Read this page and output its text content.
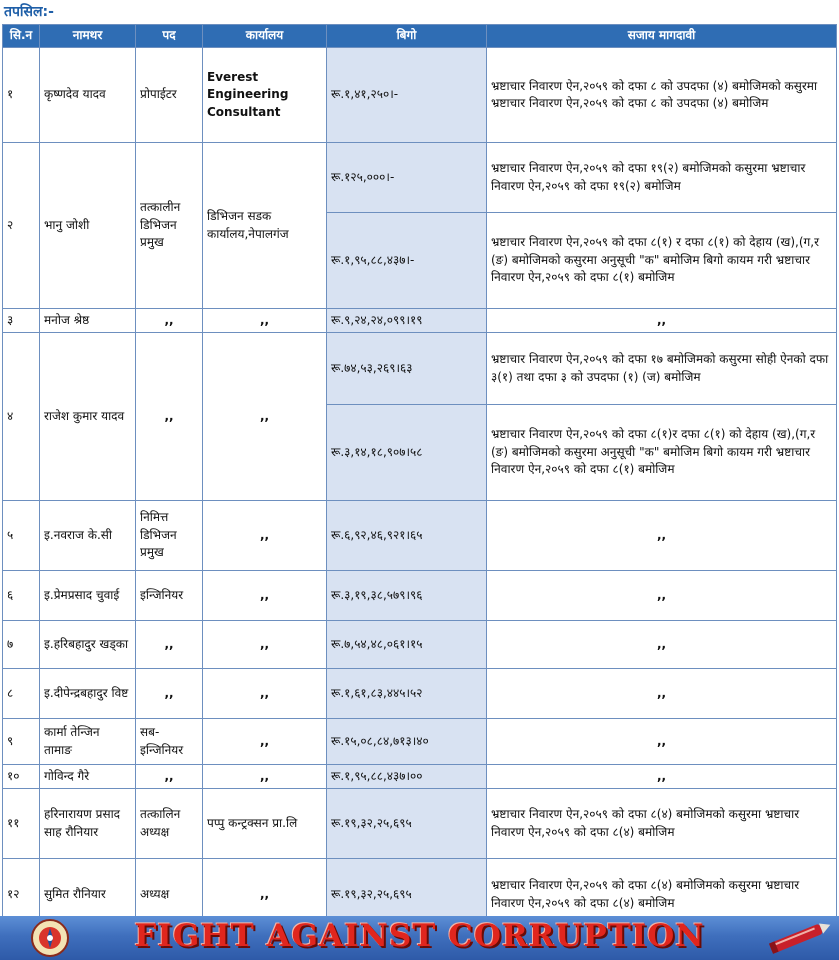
तपसिल:-
सि.न	नामथर	पद	कार्यालय	बिगो	सजाय मागदावी
१	कृष्णदेव यादव	प्रोपाईटर	Everest Engineering Consultant	रू.१,४१,२५०।-	भ्रष्टाचार निवारण ऐन,२०५९ को दफा ८ को उपदफा (४) बमोजिमको कसुरमा भ्रष्टाचार निवारण ऐन,२०५९ को दफा ८ को उपदफा (४) बमोजिम
२	भानु जोशी	तत्कालीन डिभिजन प्रमुख	डिभिजन सडक कार्यालय,नेपालगंज	रू.१२५,०००।-	भ्रष्टाचार निवारण ऐन,२०५९ को दफा १९(२) बमोजिमको कसुरमा भ्रष्टाचार निवारण ऐन,२०५९ को दफा १९(२) बमोजिम
				रू.१,९५,८८,४३७।-	भ्रष्टाचार निवारण ऐन,२०५९ को दफा ८(१) र दफा ८(१) को देहाय (ख),(ग,र (ङ) बमोजिमको कसुरमा अनुसूची "क" बमोजिम बिगो कायम गरी भ्रष्टाचार निवारण ऐन,२०५९ को दफा ८(१) बमोजिम
३	मनोज श्रेष्ठ	,,	,,	रू.९,२४,२४,०९९।१९	,,
४	राजेश कुमार यादव	,,	,,	रू.७४,५३,२६९।६३	भ्रष्टाचार निवारण ऐन,२०५९ को दफा १७ बमोजिमको कसुरमा सोही ऐनको दफा ३(१) तथा दफा ३ को उपदफा (१) (ज) बमोजिम
				रू.३,१४,१८,९०७।५८	भ्रष्टाचार निवारण ऐन,२०५९ को दफा ८(१)र दफा ८(१) को देहाय (ख),(ग,र (ङ) बमोजिमको कसुरमा अनुसूची "क" बमोजिम बिगो कायम गरी भ्रष्टाचार निवारण ऐन,२०५९ को दफा ८(१) बमोजिम
५	इ.नवराज के.सी	निमित्त डिभिजन प्रमुख	,,	रू.६,९२,४६,९२१।६५	,,
६	इ.प्रेमप्रसाद चुवाई	इन्जिनियर	,,	रू.३,१९,३८,५७९।९६	,,
७	इ.हरिबहादुर खड्का	,,	,,	रू.७,५४,४८,०६१।१५	,,
८	इ.दीपेन्द्रबहादुर विष्ट	,,	,,	रू.१,६१,८३,४४५।५२	,,
९	कार्मा तेन्जिन तामाङ	सब-इन्जिनियर	,,	रू.१५,०८,८४,७१३।४०	,,
१०	गोविन्द गैरे	,,	,,	रू.१,९५,८८,४३७।००	,,
११	हरिनारायण प्रसाद साह रौनियार	तत्कालिन अध्यक्ष	पप्पु कन्ट्रक्सन प्रा.लि	रू.१९,३२,२५,६९५	भ्रष्टाचार निवारण ऐन,२०५९ को दफा ८(४) बमोजिमको कसुरमा भ्रष्टाचार निवारण ऐन,२०५९ को दफा ८(४) बमोजिम
१२	सुमित रौनियार	अध्यक्ष	,,	रू.१९,३२,२५,६९५	भ्रष्टाचार निवारण ऐन,२०५९ को दफा ८(४) बमोजिमको कसुरमा भ्रष्टाचार निवारण ऐन,२०५९ को दफा ८(४) बमोजिम
FIGHT AGAINST CORRUPTION
